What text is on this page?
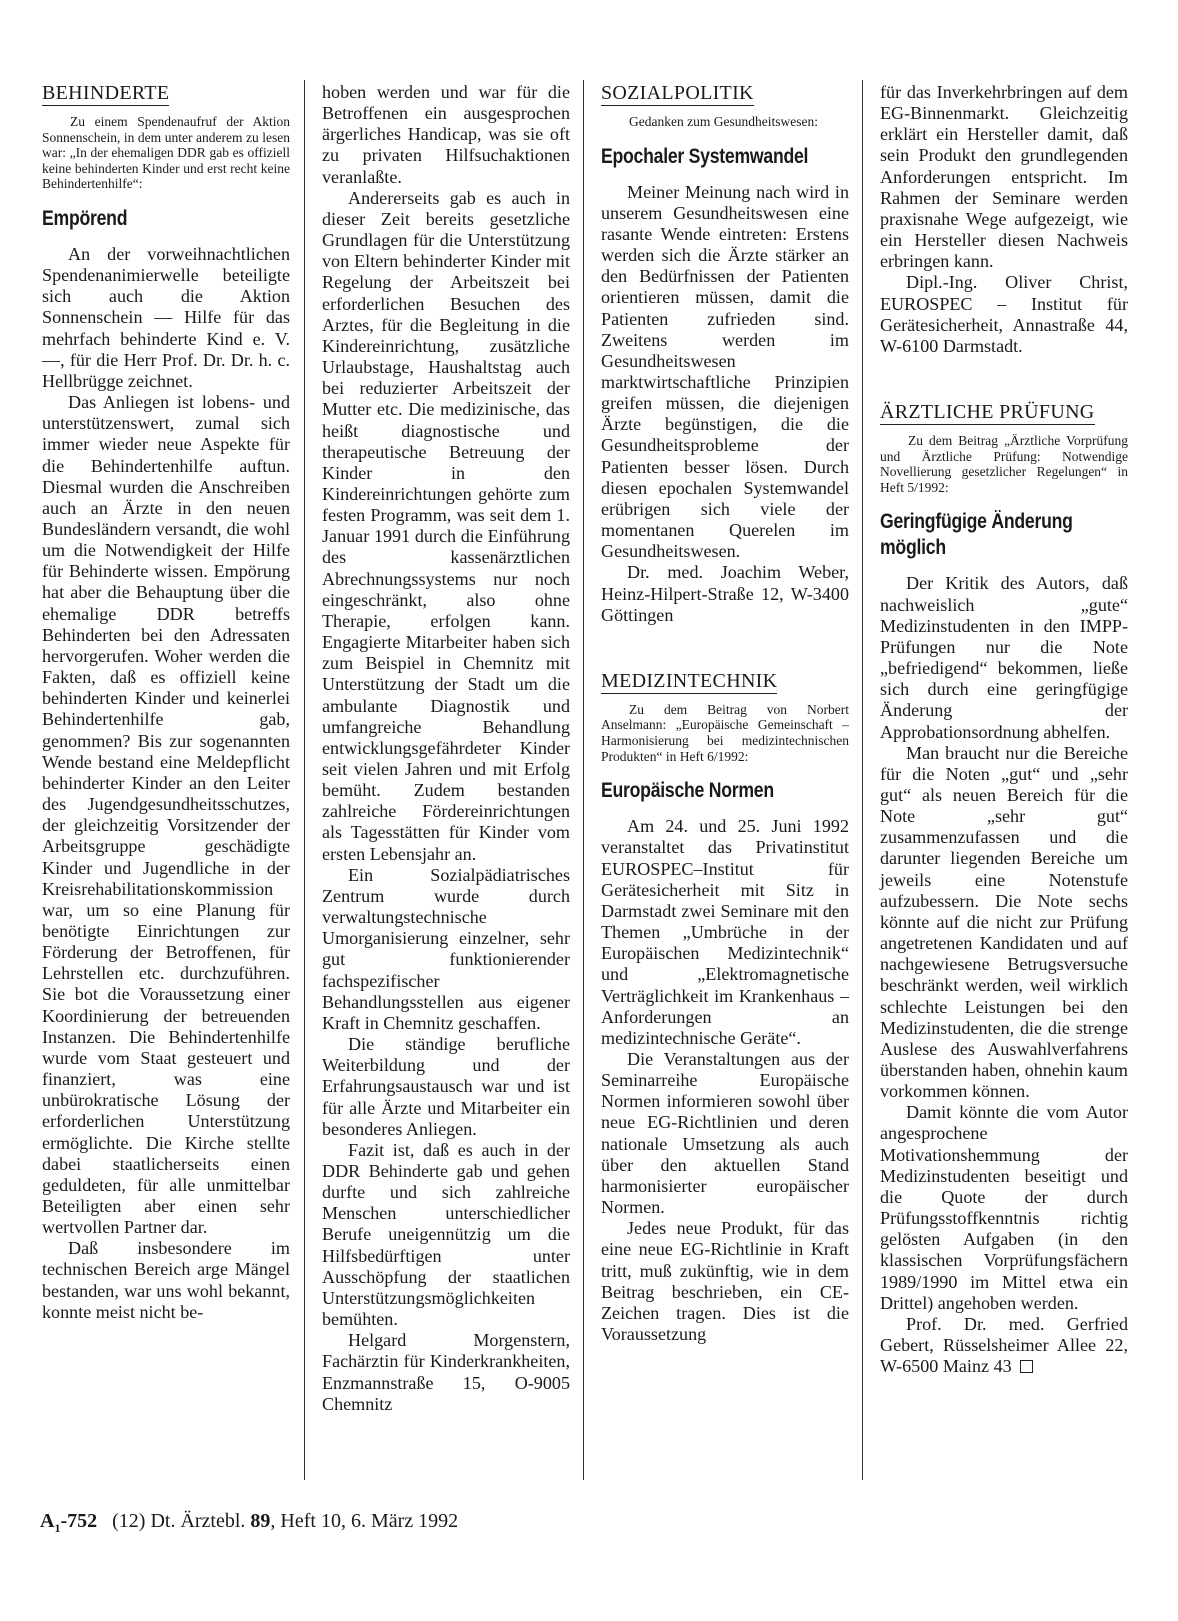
BEHINDERTE

Zu einem Spendenaufruf der Aktion Sonnenschein, in dem unter anderem zu lesen war: „In der ehemaligen DDR gab es offiziell keine behinderten Kinder und erst recht keine Behindertenhilfe“:

Empörend

An der vorweihnachtlichen Spendenanimierwelle beteiligte sich auch die Aktion Sonnenschein — Hilfe für das mehrfach behinderte Kind e. V. —, für die Herr Prof. Dr. Dr. h. c. Hellbrügge zeichnet.

Das Anliegen ist lobens- und unterstützenswert, zumal sich immer wieder neue Aspekte für die Behindertenhilfe auftun. Diesmal wurden die Anschreiben auch an Ärzte in den neuen Bundesländern versandt, die wohl um die Notwendigkeit der Hilfe für Behinderte wissen. Empörung hat aber die Behauptung über die ehemalige DDR betreffs Behinderten bei den Adressaten hervorgerufen. Woher werden die Fakten, daß es offiziell keine behinderten Kinder und keinerlei Behindertenhilfe gab, genommen? Bis zur sogenannten Wende bestand eine Meldepflicht behinderter Kinder an den Leiter des Jugendgesundheitsschutzes, der gleichzeitig Vorsitzender der Arbeitsgruppe geschädigte Kinder und Jugendliche in der Kreisrehabilitationskommission war, um so eine Planung für benötigte Einrichtungen zur Förderung der Betroffenen, für Lehrstellen etc. durchzuführen. Sie bot die Voraussetzung einer Koordinierung der betreuenden Instanzen. Die Behindertenhilfe wurde vom Staat gesteuert und finanziert, was eine unbürokratische Lösung der erforderlichen Unterstützung ermöglichte. Die Kirche stellte dabei staatlicherseits einen geduldeten, für alle unmittelbar Beteiligten aber einen sehr wertvollen Partner dar.

Daß insbesondere im technischen Bereich arge Mängel bestanden, war uns wohl bekannt, konnte meist nicht be-

hoben werden und war für die Betroffenen ein ausgesprochen ärgerliches Handicap, was sie oft zu privaten Hilfsuchaktionen veranlaßte.

Andererseits gab es auch in dieser Zeit bereits gesetzliche Grundlagen für die Unterstützung von Eltern behinderter Kinder mit Regelung der Arbeitszeit bei erforderlichen Besuchen des Arztes, für die Begleitung in die Kindereinrichtung, zusätzliche Urlaubstage, Haushaltstag auch bei reduzierter Arbeitszeit der Mutter etc. Die medizinische, das heißt diagnostische und therapeutische Betreuung der Kinder in den Kindereinrichtungen gehörte zum festen Programm, was seit dem 1. Januar 1991 durch die Einführung des kassenärztlichen Abrechnungssystems nur noch eingeschränkt, also ohne Therapie, erfolgen kann. Engagierte Mitarbeiter haben sich zum Beispiel in Chemnitz mit Unterstützung der Stadt um die ambulante Diagnostik und umfangreiche Behandlung entwicklungsgefährdeter Kinder seit vielen Jahren und mit Erfolg bemüht. Zudem bestanden zahlreiche Fördereinrichtungen als Tagesstätten für Kinder vom ersten Lebensjahr an.

Ein Sozialpädiatrisches Zentrum wurde durch verwaltungstechnische Umorganisierung einzelner, sehr gut funktionierender fachspezifischer Behandlungsstellen aus eigener Kraft in Chemnitz geschaffen.

Die ständige berufliche Weiterbildung und der Erfahrungsaustausch war und ist für alle Ärzte und Mitarbeiter ein besonderes Anliegen.

Fazit ist, daß es auch in der DDR Behinderte gab und gehen durfte und sich zahlreiche Menschen unterschiedlicher Berufe uneigennützig um die Hilfsbedürftigen unter Ausschöpfung der staatlichen Unterstützungsmöglichkeiten bemühten.

Helgard Morgenstern, Fachärztin für Kinderkrankheiten, Enzmannstraße 15, O-9005 Chemnitz

SOZIALPOLITIK

Gedanken zum Gesundheitswesen:

Epochaler Systemwandel

Meiner Meinung nach wird in unserem Gesundheitswesen eine rasante Wende eintreten: Erstens werden sich die Ärzte stärker an den Bedürfnissen der Patienten orientieren müssen, damit die Patienten zufrieden sind. Zweitens werden im Gesundheitswesen marktwirtschaftliche Prinzipien greifen müssen, die diejenigen Ärzte begünstigen, die die Gesundheitsprobleme der Patienten besser lösen. Durch diesen epochalen Systemwandel erübrigen sich viele der momentanen Querelen im Gesundheitswesen.

Dr. med. Joachim Weber, Heinz-Hilpert-Straße 12, W-3400 Göttingen

MEDIZINTECHNIK

Zu dem Beitrag von Norbert Anselmann: „Europäische Gemeinschaft – Harmonisierung bei medizintechnischen Produkten“ in Heft 6/1992:

Europäische Normen

Am 24. und 25. Juni 1992 veranstaltet das Privatinstitut EUROSPEC–Institut für Gerätesicherheit mit Sitz in Darmstadt zwei Seminare mit den Themen „Umbrüche in der Europäischen Medizintechnik“ und „Elektromagnetische Verträglichkeit im Krankenhaus – Anforderungen an medizintechnische Geräte“.

Die Veranstaltungen aus der Seminarreihe Europäische Normen informieren sowohl über neue EG-Richtlinien und deren nationale Umsetzung als auch über den aktuellen Stand harmonisierter europäischer Normen.

Jedes neue Produkt, für das eine neue EG-Richtlinie in Kraft tritt, muß zukünftig, wie in dem Beitrag beschrieben, ein CE-Zeichen tragen. Dies ist die Voraussetzung

für das Inverkehrbringen auf dem EG-Binnenmarkt. Gleichzeitig erklärt ein Hersteller damit, daß sein Produkt den grundlegenden Anforderungen entspricht. Im Rahmen der Seminare werden praxisnahe Wege aufgezeigt, wie ein Hersteller diesen Nachweis erbringen kann.

Dipl.-Ing. Oliver Christ, EUROSPEC – Institut für Gerätesicherheit, Annastraße 44, W-6100 Darmstadt.

ÄRZTLICHE PRÜFUNG

Zu dem Beitrag „Ärztliche Vorprüfung und Ärztliche Prüfung: Notwendige Novellierung gesetzlicher Regelungen“ in Heft 5/1992:

Geringfügige Änderung möglich

Der Kritik des Autors, daß nachweislich „gute“ Medizinstudenten in den IMPP-Prüfungen nur die Note „befriedigend“ bekommen, ließe sich durch eine geringfügige Änderung der Approbationsordnung abhelfen.

Man braucht nur die Bereiche für die Noten „gut“ und „sehr gut“ als neuen Bereich für die Note „sehr gut“ zusammenzufassen und die darunter liegenden Bereiche um jeweils eine Notenstufe aufzubessern. Die Note sechs könnte auf die nicht zur Prüfung angetretenen Kandidaten und auf nachgewiesene Betrugsversuche beschränkt werden, weil wirklich schlechte Leistungen bei den Medizinstudenten, die die strenge Auslese des Auswahlverfahrens überstanden haben, ohnehin kaum vorkommen können.

Damit könnte die vom Autor angesprochene Motivationshemmung der Medizinstudenten beseitigt und die Quote der durch Prüfungsstoffkenntnis richtig gelösten Aufgaben (in den klassischen Vorprüfungsfächern 1989/1990 im Mittel etwa ein Drittel) angehoben werden.

Prof. Dr. med. Gerfried Gebert, Rüsselsheimer Allee 22, W-6500 Mainz 43

$A_1-752$ (12) Dt. Ärztebl. 89, Heft 10, 6. März 1992
